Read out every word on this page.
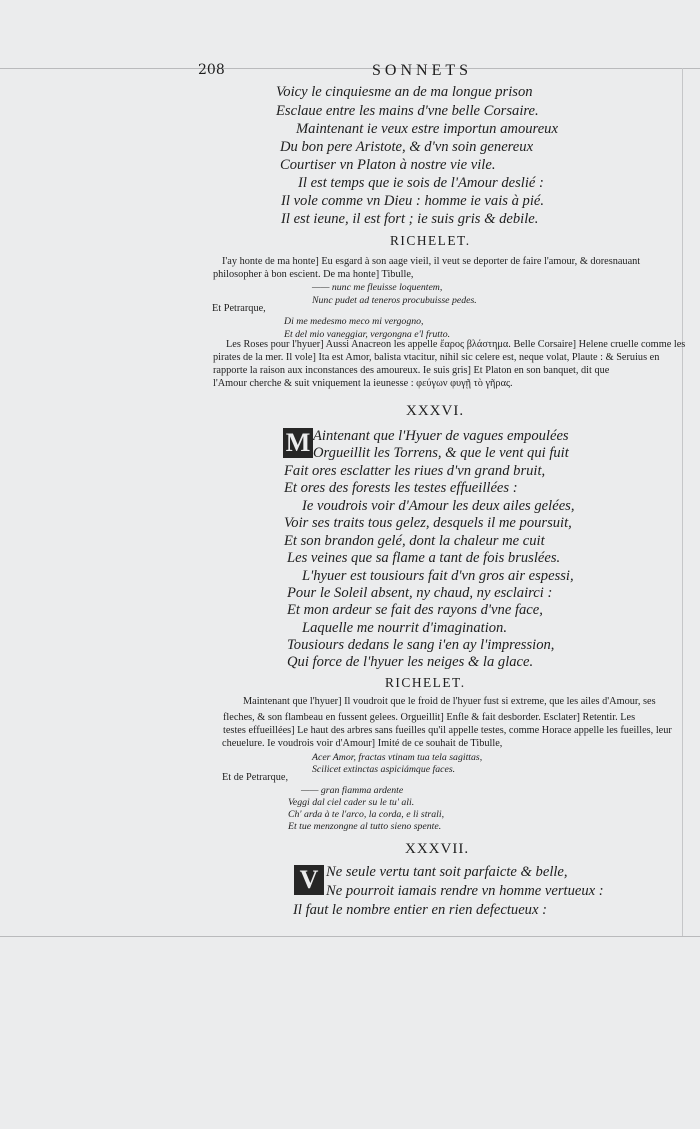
208	SONNETS
Voicy le cinquiesme an de ma longue prison
Esclaue entre les mains d'vne belle Corsaire.
Maintenant ie veux estre importun amoureux
Du bon pere Aristote, & d'vn soin genereux
Courtiser vn Platon à nostre vie vile.
Il est temps que ie sois de l'Amour deslié :
Il vole comme vn Dieu : homme ie vais à pié.
Il est ieune, il est fort ; ie suis gris & debile.
RICHELET.
I'ay honte de ma honte] Eu esgard à son aage vieil, il veut se deporter de faire l'amour, & doresnauant
philosopher à bon escient. De ma honte] Tibulle,
—— nunc me fleuisse loquentem,
Nunc pudet ad teneros procubuisse pedes.
Et Petrarque,
Di me medesmo meco mi vergogno,
Et del mio vaneggiar, vergongna e'l frutto.
Les Roses pour l'hyuer] Aussi Anacreon les appelle ἔαρος βλάστημα. Belle Corsaire] Helene cruelle comme les
pirates de la mer. Il vole] Ita est Amor, balista vtacitur, nihil sic celere est, neque volat, Plaute : & Seruius en
rapporte la raison aux inconstances des amoureux. Ie suis gris] Et Platon en son banquet, dit que
l'Amour cherche & suit vniquement la ieunesse : φεύγων φυγῇ τὸ γῆρας.
XXXVI.
M Aintenant que l'Hyuer de vagues empoulées
Orgueillit les Torrens, & que le vent qui fuit
Fait ores esclatter les riues d'vn grand bruit,
Et ores des forests les testes effueillées :
Ie voudrois voir d'Amour les deux ailes gelées,
Voir ses traits tous gelez, desquels il me poursuit,
Et son brandon gelé, dont la chaleur me cuit
Les veines que sa flame a tant de fois bruslées.
L'hyuer est tousiours fait d'vn gros air espessi,
Pour le Soleil absent, ny chaud, ny esclairci :
Et mon ardeur se fait des rayons d'vne face,
Laquelle me nourrit d'imagination.
Tousiours dedans le sang i'en ay l'impression,
Qui force de l'hyuer les neiges & la glace.
RICHELET.
Maintenant que l'hyuer] Il voudroit que le froid de l'hyuer fust si extreme, que les ailes d'Amour, ses
fleches, & son flambeau en fussent gelees. Orgueillit] Enfle & fait desborder. Esclater] Retentir. Les
testes effueillées] Le haut des arbres sans fueilles qu'il appelle testes, comme Horace appelle les fueilles, leur
cheuelure. Ie voudrois voir d'Amour] Imité de ce souhait de Tibulle,
Acer Amor, fractas vtinam tua tela sagittas,
Scilicet extinctas aspiciámque faces.
Et de Petrarque,
—— gran fiamma ardente
Veggi dal ciel cader su le tu' ali.
Ch' arda à te l'arco, la corda, e li strali,
Et tue menzongne al tutto sieno spente.
XXXVII.
V Ne seule vertu tant soit parfaicte & belle,
Ne pourroit iamais rendre vn homme vertueux :
Il faut le nombre entier en rien defectueux :
